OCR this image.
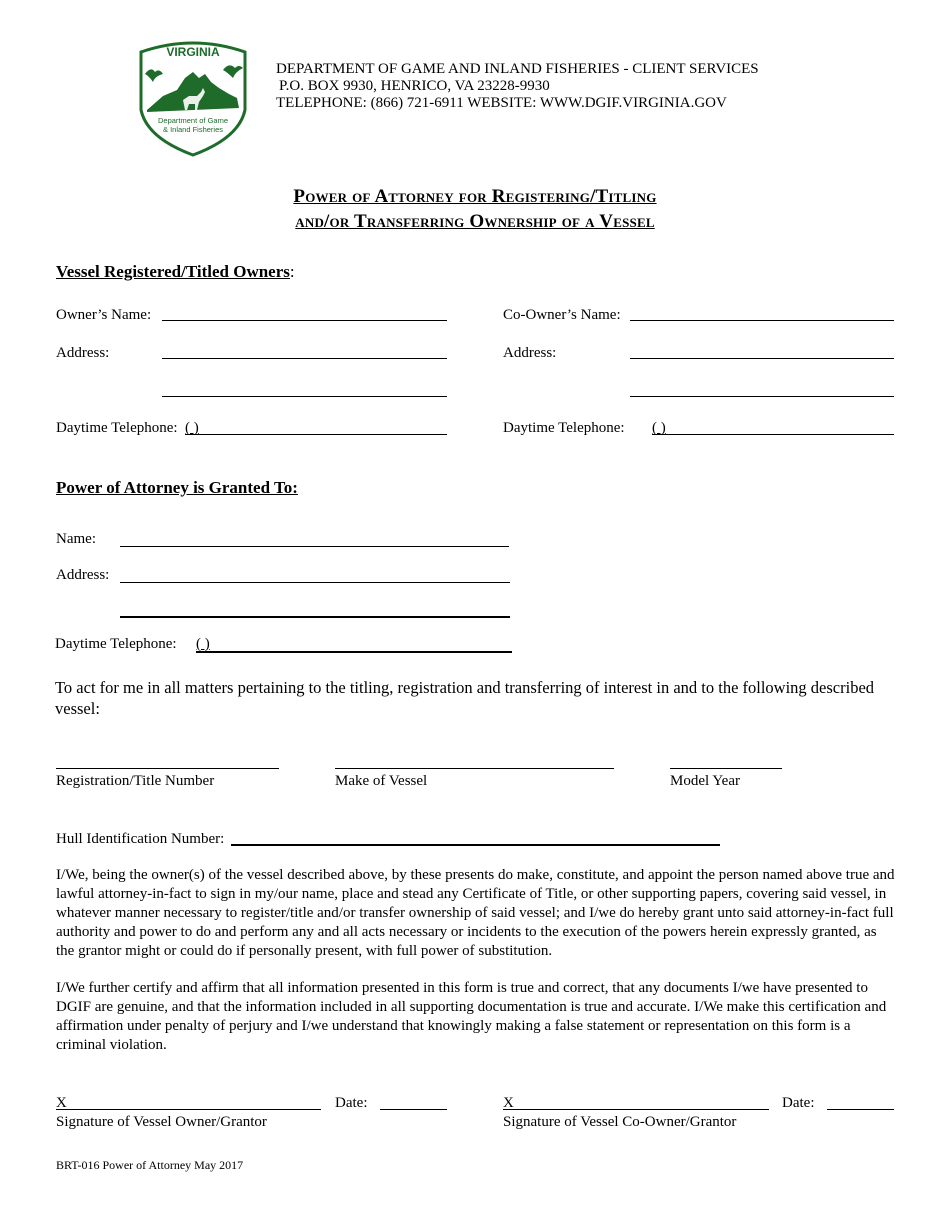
VIRGINIA
Department of Game
& Inland Fisheries
DEPARTMENT OF GAME AND INLAND FISHERIES - CLIENT SERVICES
P.O. BOX 9930, HENRICO, VA 23228-9930
TELEPHONE: (866) 721-6911 WEBSITE: WWW.DGIF.VIRGINIA.GOV
Power of Attorney for Registering/Titling
and/or Transferring Ownership of a Vessel
Vessel Registered/Titled Owners:
Owner’s Name:	Co-Owner’s Name:
Address:	Address:
Daytime Telephone: ( )	Daytime Telephone: ( )
Power of Attorney is Granted To:
Name:
Address:
Daytime Telephone: ( )
To act for me in all matters pertaining to the titling, registration and transferring of interest in and to the following described vessel:
Registration/Title Number	Make of Vessel	Model Year
Hull Identification Number:
I/We, being the owner(s) of the vessel described above, by these presents do make, constitute, and appoint the person named above true and lawful attorney-in-fact to sign in my/our name, place and stead any Certificate of Title, or other supporting papers, covering said vessel, in whatever manner necessary to register/title and/or transfer ownership of said vessel; and I/we do hereby grant unto said attorney-in-fact full authority and power to do and perform any and all acts necessary or incidents to the execution of the powers herein expressly granted, as the grantor might or could do if personally present, with full power of substitution.
I/We further certify and affirm that all information presented in this form is true and correct, that any documents I/we have presented to DGIF are genuine, and that the information included in all supporting documentation is true and accurate. I/We make this certification and affirmation under penalty of perjury and I/we understand that knowingly making a false statement or representation on this form is a criminal violation.
X	Date:
Signature of Vessel Owner/Grantor
X	Date:
Signature of Vessel Co-Owner/Grantor
BRT-016 Power of Attorney May 2017
